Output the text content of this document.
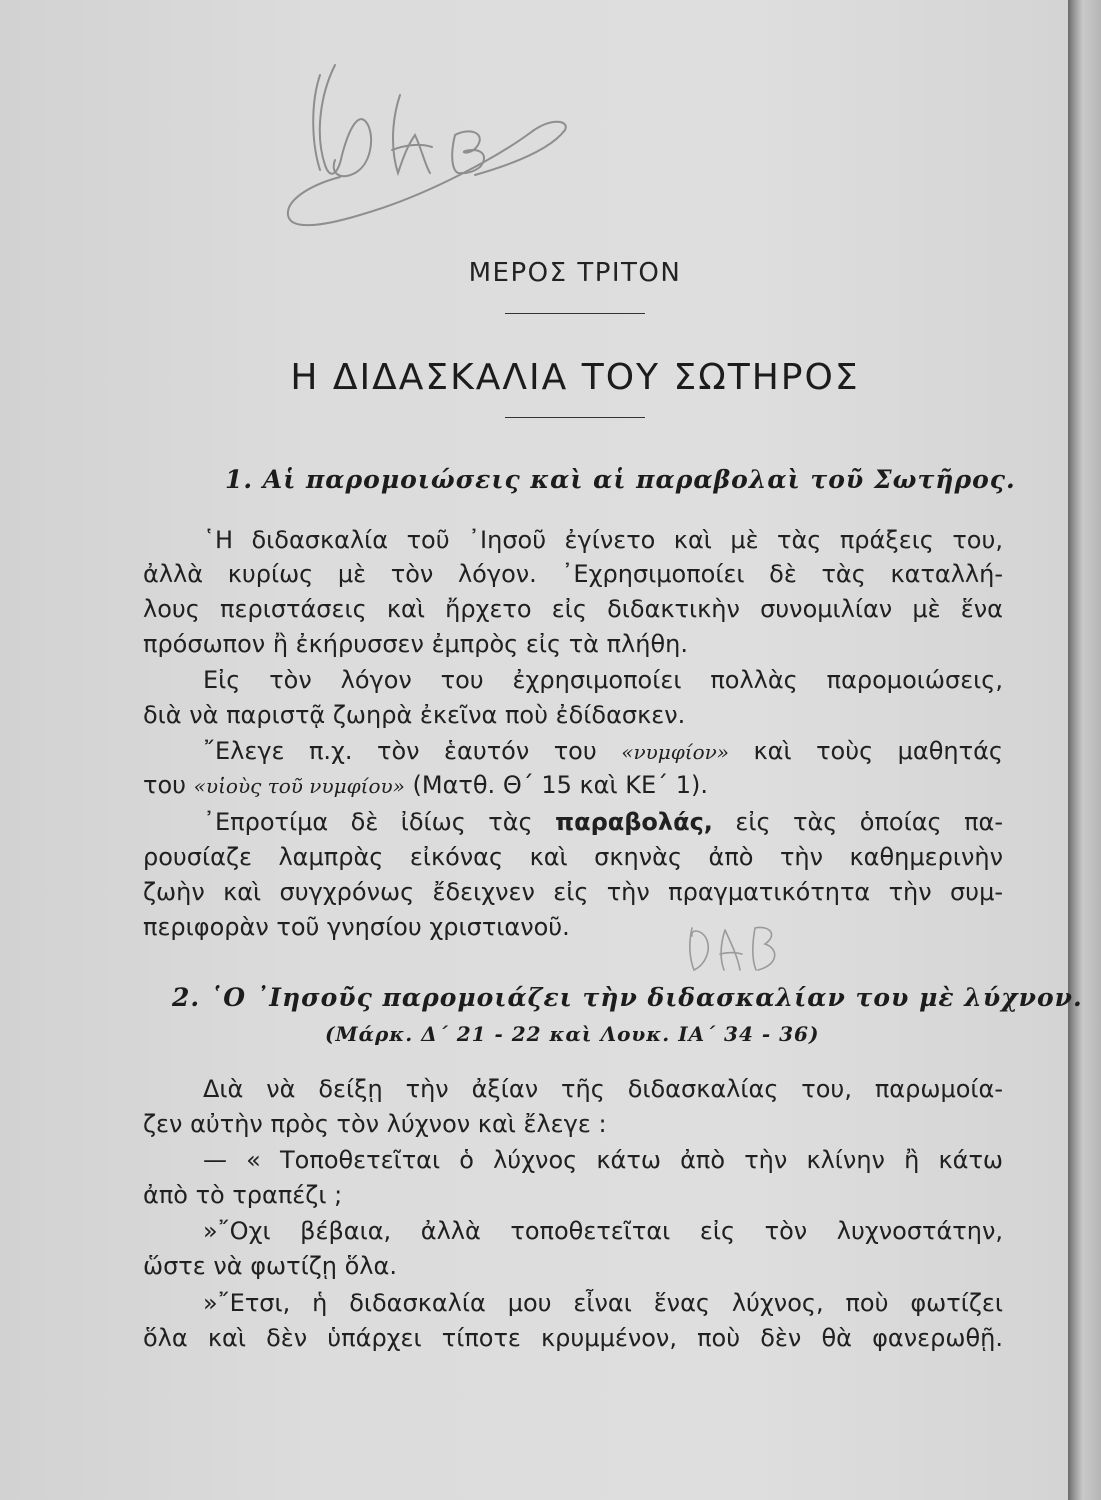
DAB
ΜΕΡΟΣ ΤΡΙΤΟΝ
Η ΔΙΔΑΣΚΑΛΙΑ ΤΟΥ ΣΩΤΗΡΟΣ
1. Αἱ παρομοιώσεις καὶ αἱ παραβολαὶ τοῦ Σωτῆρος.
῾Η διδασκαλία τοῦ ᾽Ιησοῦ ἐγίνετο καὶ μὲ τὰς πράξεις του,
ἀλλὰ κυρίως μὲ τὸν λόγον. ᾽Εχρησιμοποίει δὲ τὰς καταλλή-
λους περιστάσεις καὶ ἤρχετο εἰς διδακτικὴν συνομιλίαν μὲ ἕνα
πρόσωπον ἢ ἐκήρυσσεν ἐμπρὸς εἰς τὰ πλήθη.
Εἰς τὸν λόγον του ἐχρησιμοποίει πολλὰς παρομοιώσεις,
διὰ νὰ παριστᾷ ζωηρὰ ἐκεῖνα ποὺ ἐδίδασκεν.
῎Ελεγε π.χ. τὸν ἑαυτόν του «νυμφίον» καὶ τοὺς μαθητάς
του «υἱοὺς τοῦ νυμφίου» (Ματθ. Θ΄ 15 καὶ ΚΕ΄ 1).
᾽Επροτίμα δὲ ἰδίως τὰς παραβολάς, εἰς τὰς ὁποίας πα-
ρουσίαζε λαμπρὰς εἰκόνας καὶ σκηνὰς ἀπὸ τὴν καθημερινὴν
ζωὴν καὶ συγχρόνως ἔδειχνεν εἰς τὴν πραγματικότητα τὴν συμ-
περιφορὰν τοῦ γνησίου χριστιανοῦ.	DAB
2. ῾Ο ᾽Ιησοῦς παρομοιάζει τὴν διδασκαλίαν του μὲ λύχνον.
(Μάρκ. Δ΄ 21 - 22 καὶ Λουκ. ΙΑ΄ 34 - 36)
Διὰ νὰ δείξῃ τὴν ἀξίαν τῆς διδασκαλίας του, παρωμοία-
ζεν αὐτὴν πρὸς τὸν λύχνον καὶ ἔλεγε :
— « Τοποθετεῖται ὁ λύχνος κάτω ἀπὸ τὴν κλίνην ἢ κάτω
ἀπὸ τὸ τραπέζι ;
»῎Οχι βέβαια, ἀλλὰ τοποθετεῖται εἰς τὸν λυχνοστάτην,
ὥστε νὰ φωτίζῃ ὅλα.
»῎Ετσι, ἡ διδασκαλία μου εἶναι ἕνας λύχνος, ποὺ φωτίζει
ὅλα καὶ δὲν ὑπάρχει τίποτε κρυμμένον, ποὺ δὲν θὰ φανερωθῇ.
